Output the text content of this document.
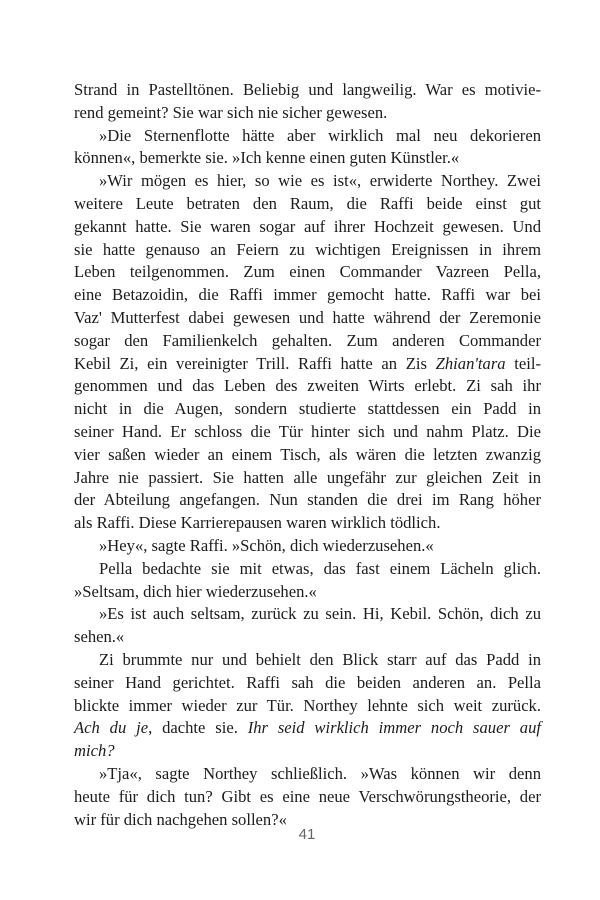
Strand in Pastelltönen. Beliebig und langweilig. War es motivie-
rend gemeint? Sie war sich nie sicher gewesen.
»Die Sternenflotte hätte aber wirklich mal neu dekorieren
können«, bemerkte sie. »Ich kenne einen guten Künstler.«
»Wir mögen es hier, so wie es ist«, erwiderte Northey. Zwei
weitere Leute betraten den Raum, die Raffi beide einst gut
gekannt hatte. Sie waren sogar auf ihrer Hochzeit gewesen. Und
sie hatte genauso an Feiern zu wichtigen Ereignissen in ihrem
Leben teilgenommen. Zum einen Commander Vazreen Pella,
eine Betazoidin, die Raffi immer gemocht hatte. Raffi war bei
Vaz' Mutterfest dabei gewesen und hatte während der Zeremonie
sogar den Familienkelch gehalten. Zum anderen Commander
Kebil Zi, ein vereinigter Trill. Raffi hatte an Zis Zhian'tara teil-
genommen und das Leben des zweiten Wirts erlebt. Zi sah ihr
nicht in die Augen, sondern studierte stattdessen ein Padd in
seiner Hand. Er schloss die Tür hinter sich und nahm Platz. Die
vier saßen wieder an einem Tisch, als wären die letzten zwanzig
Jahre nie passiert. Sie hatten alle ungefähr zur gleichen Zeit in
der Abteilung angefangen. Nun standen die drei im Rang höher
als Raffi. Diese Karrierepausen waren wirklich tödlich.
»Hey«, sagte Raffi. »Schön, dich wiederzusehen.«
Pella bedachte sie mit etwas, das fast einem Lächeln glich.
»Seltsam, dich hier wiederzusehen.«
»Es ist auch seltsam, zurück zu sein. Hi, Kebil. Schön, dich zu
sehen.«
Zi brummte nur und behielt den Blick starr auf das Padd in
seiner Hand gerichtet. Raffi sah die beiden anderen an. Pella
blickte immer wieder zur Tür. Northey lehnte sich weit zurück.
Ach du je, dachte sie. Ihr seid wirklich immer noch sauer auf
mich?
»Tja«, sagte Northey schließlich. »Was können wir denn
heute für dich tun? Gibt es eine neue Verschwörungstheorie, der
wir für dich nachgehen sollen?«
41
